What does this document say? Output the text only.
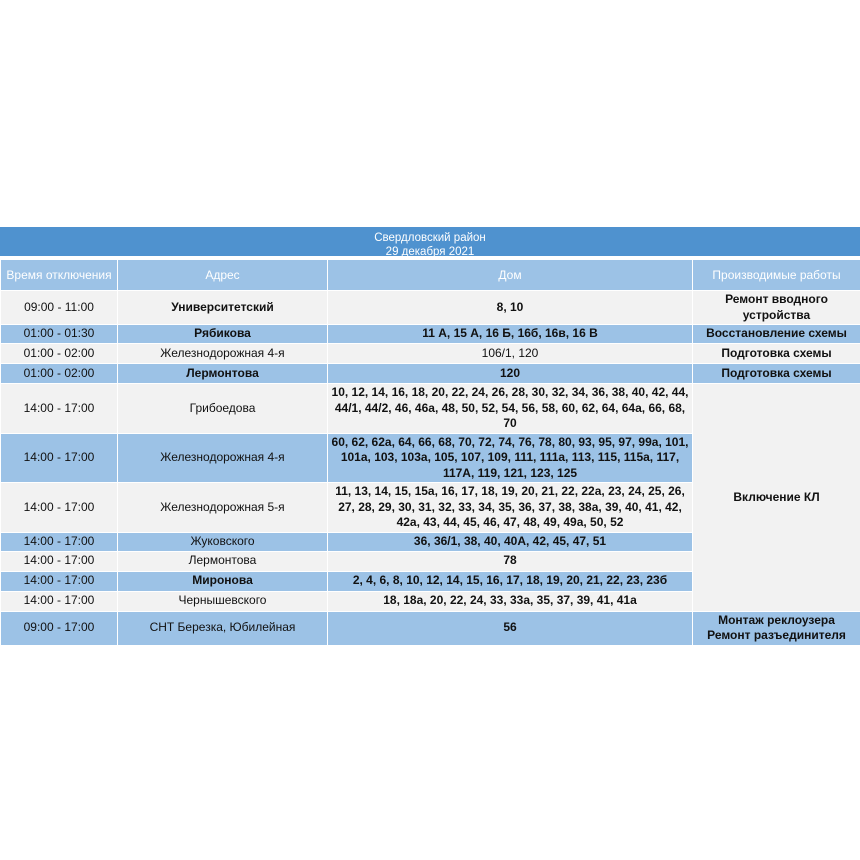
Свердловский район
29 декабря 2021
Время отключения	Адрес	Дом	Производимые работы
09:00 - 11:00	Университетский	8, 10	Ремонт вводного устройства
01:00 - 01:30	Рябикова	11 А, 15 А, 16 Б, 16б, 16в, 16 В	Восстановление схемы
01:00 - 02:00	Железнодорожная 4-я	106/1, 120	Подготовка схемы
01:00 - 02:00	Лермонтова	120	Подготовка схемы
14:00 - 17:00	Грибоедова	10, 12, 14, 16, 18, 20, 22, 24, 26, 28, 30, 32, 34, 36, 38, 40, 42, 44, 44/1, 44/2, 46, 46а, 48, 50, 52, 54, 56, 58, 60, 62, 64, 64а, 66, 68, 70	Включение КЛ
14:00 - 17:00	Железнодорожная 4-я	60, 62, 62а, 64, 66, 68, 70, 72, 74, 76, 78, 80, 93, 95, 97, 99а, 101, 101а, 103, 103а, 105, 107, 109, 111, 111а, 113, 115, 115а, 117, 117А, 119, 121, 123, 125	
14:00 - 17:00	Железнодорожная 5-я	11, 13, 14, 15, 15а, 16, 17, 18, 19, 20, 21, 22, 22а, 23, 24, 25, 26, 27, 28, 29, 30, 31, 32, 33, 34, 35, 36, 37, 38, 38а, 39, 40, 41, 42, 42а, 43, 44, 45, 46, 47, 48, 49, 49а, 50, 52	
14:00 - 17:00	Жуковского	36, 36/1, 38, 40, 40А, 42, 45, 47, 51	
14:00 - 17:00	Лермонтова	78	
14:00 - 17:00	Миронова	2, 4, 6, 8, 10, 12, 14, 15, 16, 17, 18, 19, 20, 21, 22, 23, 23б	
14:00 - 17:00	Чернышевского	18, 18а, 20, 22, 24, 33, 33а, 35, 37, 39, 41, 41а	
09:00 - 17:00	СНТ Березка, Юбилейная	56	Монтаж реклоузера Ремонт разъединителя
